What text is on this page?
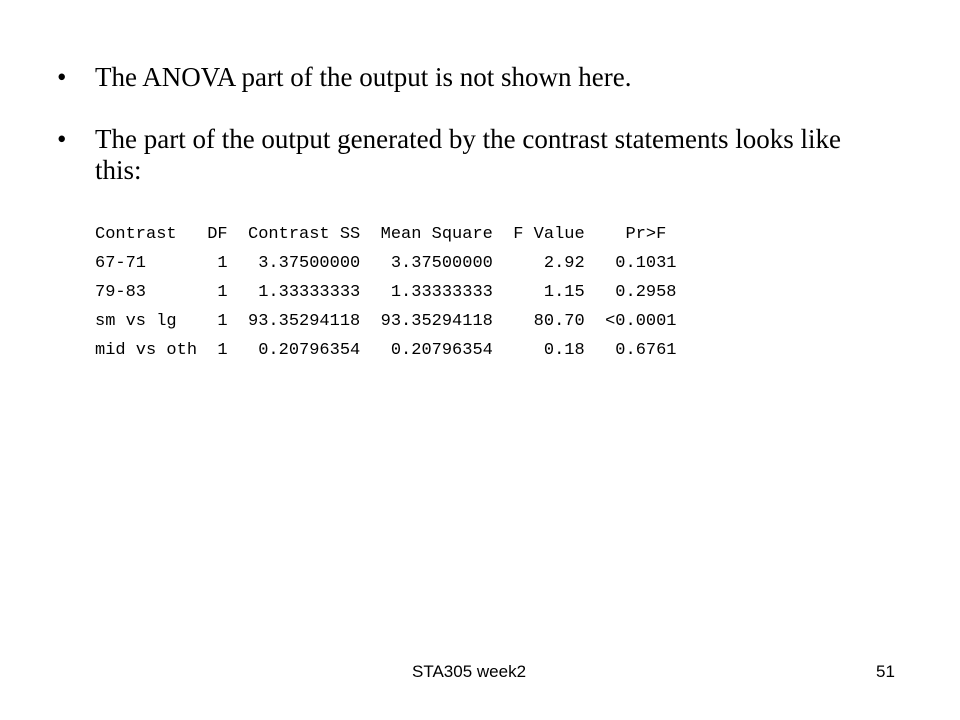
• The ANOVA part of the output is not shown here.
• The part of the output generated by the contrast statements looks like this:
Contrast   DF  Contrast SS  Mean Square  F Value    Pr>F
67-71       1   3.37500000   3.37500000     2.92   0.1031
79-83       1   1.33333333   1.33333333     1.15   0.2958
sm vs lg    1  93.35294118  93.35294118    80.70  <0.0001
mid vs oth  1   0.20796354   0.20796354     0.18   0.6761
STA305 week2	51
